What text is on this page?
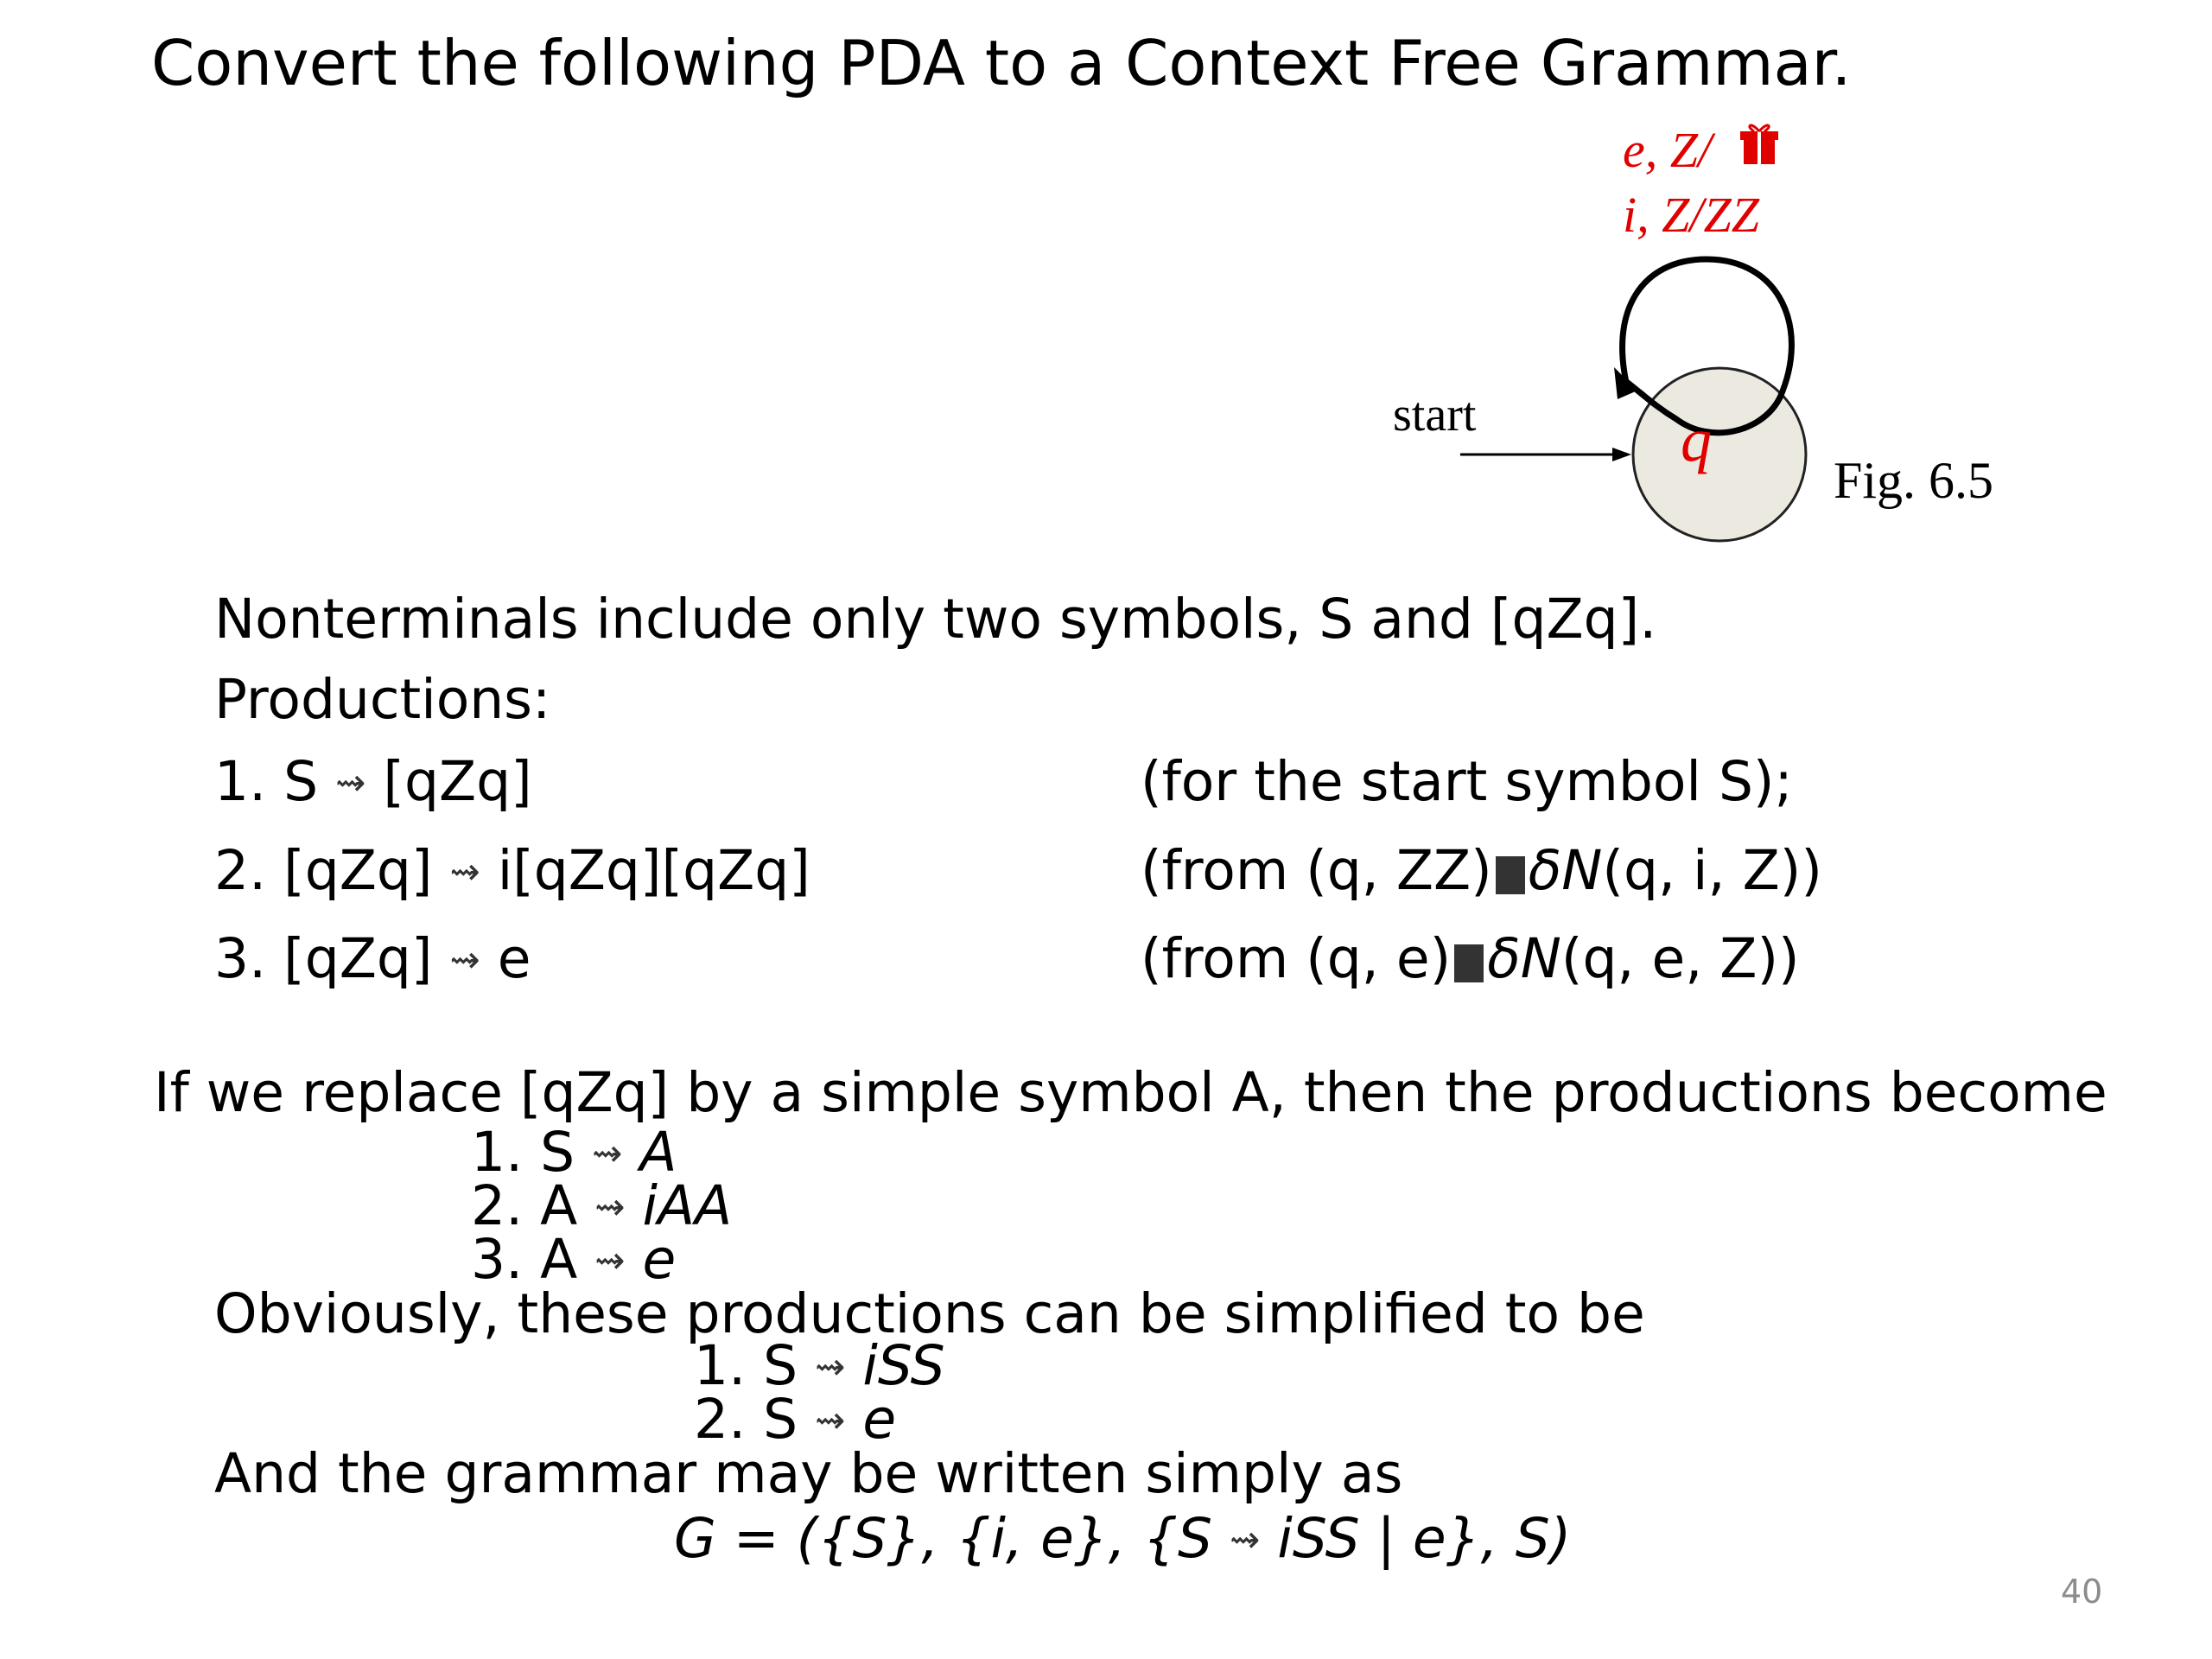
Convert the following PDA to a Context Free Grammar.
e, Z/
i, Z/ZZ
start	q
Fig. 6.5
Nonterminals include only two symbols, S and [qZq].
Productions:
1. S ⇝ [qZq]	(for the start symbol S);
2. [qZq] ⇝ i[qZq][qZq]	(from (q, ZZ) δN(q, i, Z))
3. [qZq] ⇝ e	(from (q, e) δN(q, e, Z))
If we replace [qZq] by a simple symbol A, then the productions become
1. S ⇝ A
2. A ⇝ iAA
3. A ⇝ e
Obviously, these productions can be simplified to be
1. S ⇝ iSS
2. S ⇝ e
And the grammar may be written simply as
G = ({S}, {i, e}, {S ⇝ iSS | e}, S)
40
